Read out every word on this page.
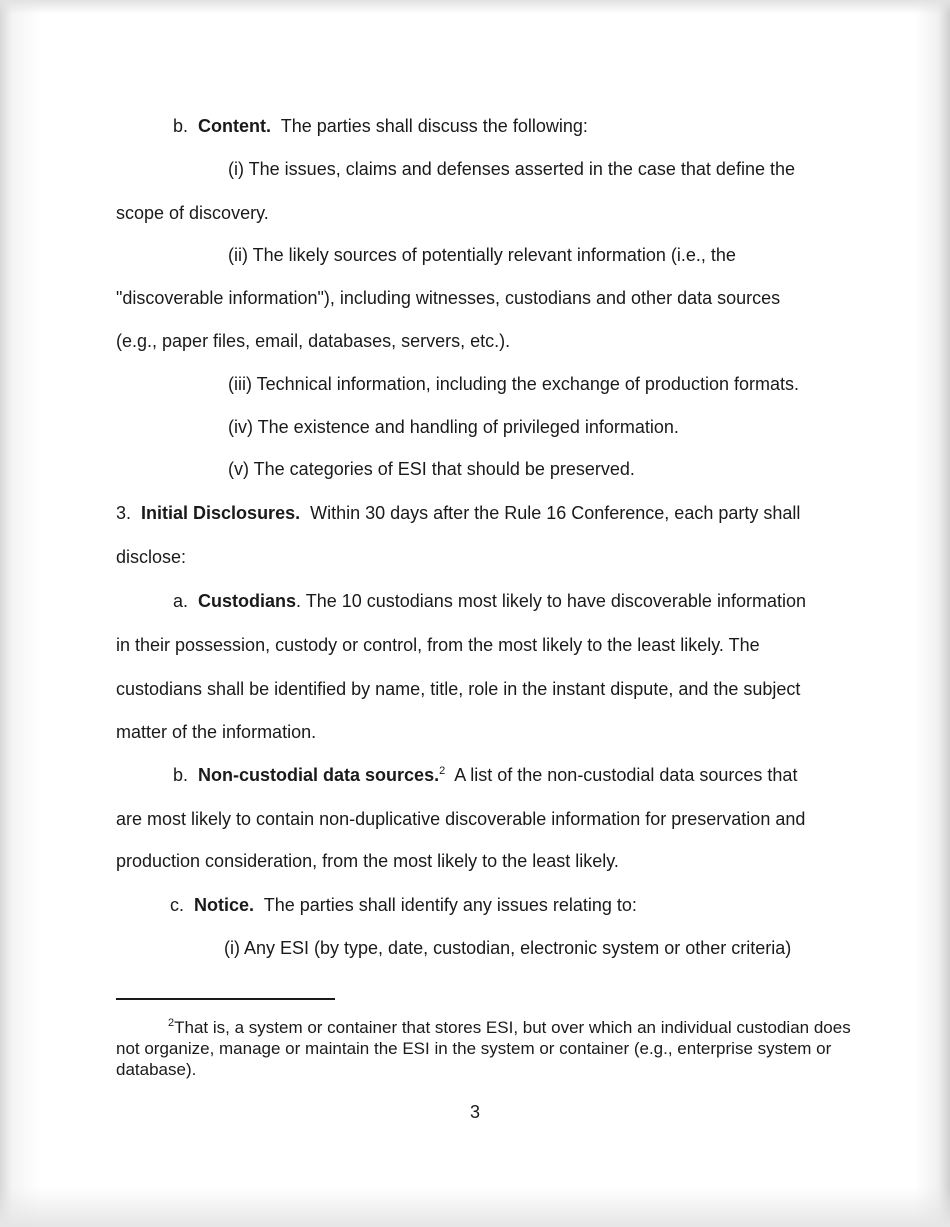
b. Content. The parties shall discuss the following:
(i) The issues, claims and defenses asserted in the case that define the
scope of discovery.
(ii) The likely sources of potentially relevant information (i.e., the
"discoverable information"), including witnesses, custodians and other data sources
(e.g., paper files, email, databases, servers, etc.).
(iii) Technical information, including the exchange of production formats.
(iv) The existence and handling of privileged information.
(v) The categories of ESI that should be preserved.
3. Initial Disclosures. Within 30 days after the Rule 16 Conference, each party shall
disclose:
a. Custodians. The 10 custodians most likely to have discoverable information
in their possession, custody or control, from the most likely to the least likely. The
custodians shall be identified by name, title, role in the instant dispute, and the subject
matter of the information.
b. Non-custodial data sources.$^2$ A list of the non-custodial data sources that
are most likely to contain non-duplicative discoverable information for preservation and
production consideration, from the most likely to the least likely.
c. Notice. The parties shall identify any issues relating to:
(i) Any ESI (by type, date, custodian, electronic system or other criteria)
$^2$That is, a system or container that stores ESI, but over which an individual custodian does not organize, manage or maintain the ESI in the system or container (e.g., enterprise system or database).
3
